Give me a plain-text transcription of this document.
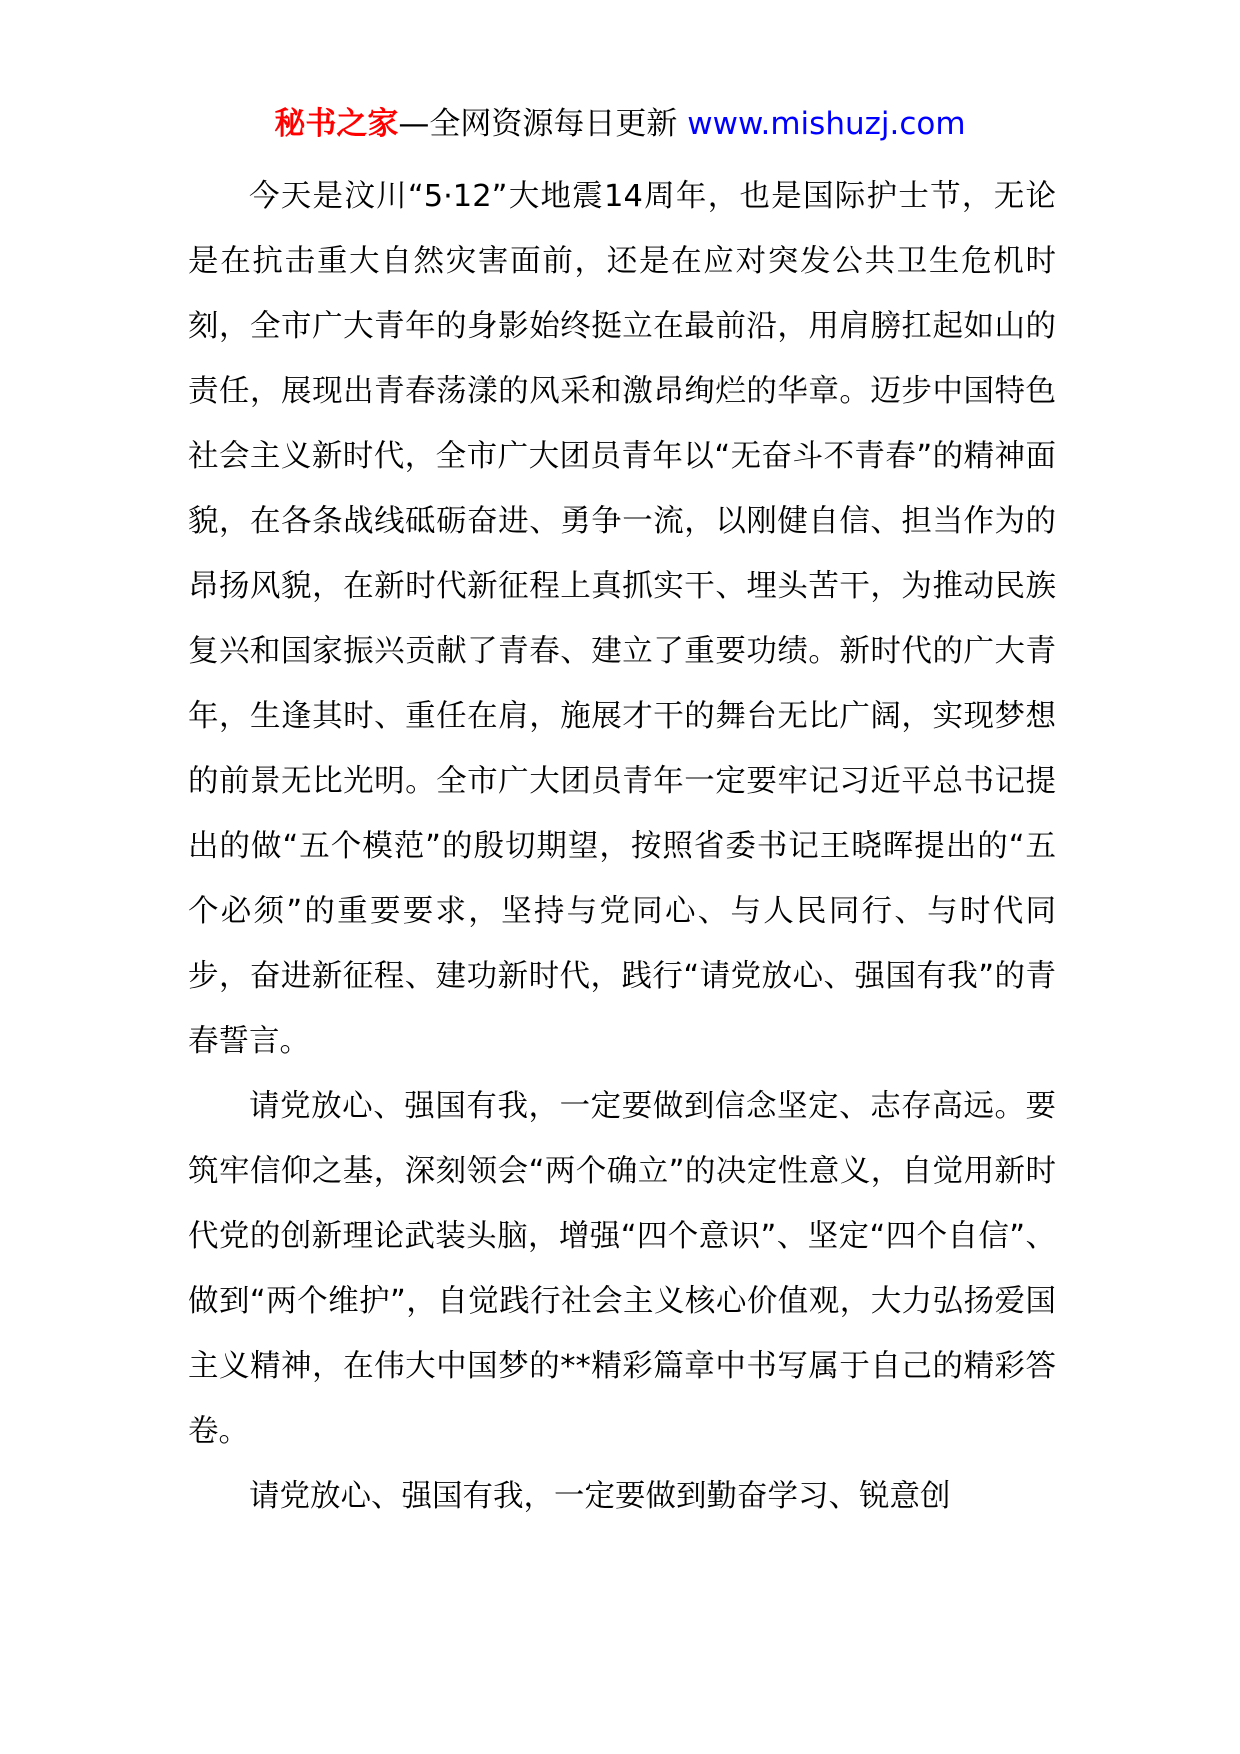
秘书之家—全网资源每日更新 www.mishuzj.com

今天是汶川“5·12”大地震14周年，也是国际护士节，无论是在抗击重大自然灾害面前，还是在应对突发公共卫生危机时刻，全市广大青年的身影始终挺立在最前沿，用肩膀扛起如山的责任，展现出青春荡漾的风采和激昂绚烂的华章。迈步中国特色社会主义新时代，全市广大团员青年以“无奋斗不青春”的精神面貌，在各条战线砥砺奋进、勇争一流，以刚健自信、担当作为的昂扬风貌，在新时代新征程上真抓实干、埋头苦干，为推动民族复兴和国家振兴贡献了青春、建立了重要功绩。新时代的广大青年，生逢其时、重任在肩，施展才干的舞台无比广阔，实现梦想的前景无比光明。全市广大团员青年一定要牢记习近平总书记提出的做“五个模范”的殷切期望，按照省委书记王晓晖提出的“五个必须”的重要要求，坚持与党同心、与人民同行、与时代同步，奋进新征程、建功新时代，践行“请党放心、强国有我”的青春誓言。

请党放心、强国有我，一定要做到信念坚定、志存高远。要筑牢信仰之基，深刻领会“两个确立”的决定性意义，自觉用新时代党的创新理论武装头脑，增强“四个意识”、坚定“四个自信”、做到“两个维护”，自觉践行社会主义核心价值观，大力弘扬爱国主义精神，在伟大中国梦的**精彩篇章中书写属于自己的精彩答卷。

请党放心、强国有我，一定要做到勤奋学习、锐意创
